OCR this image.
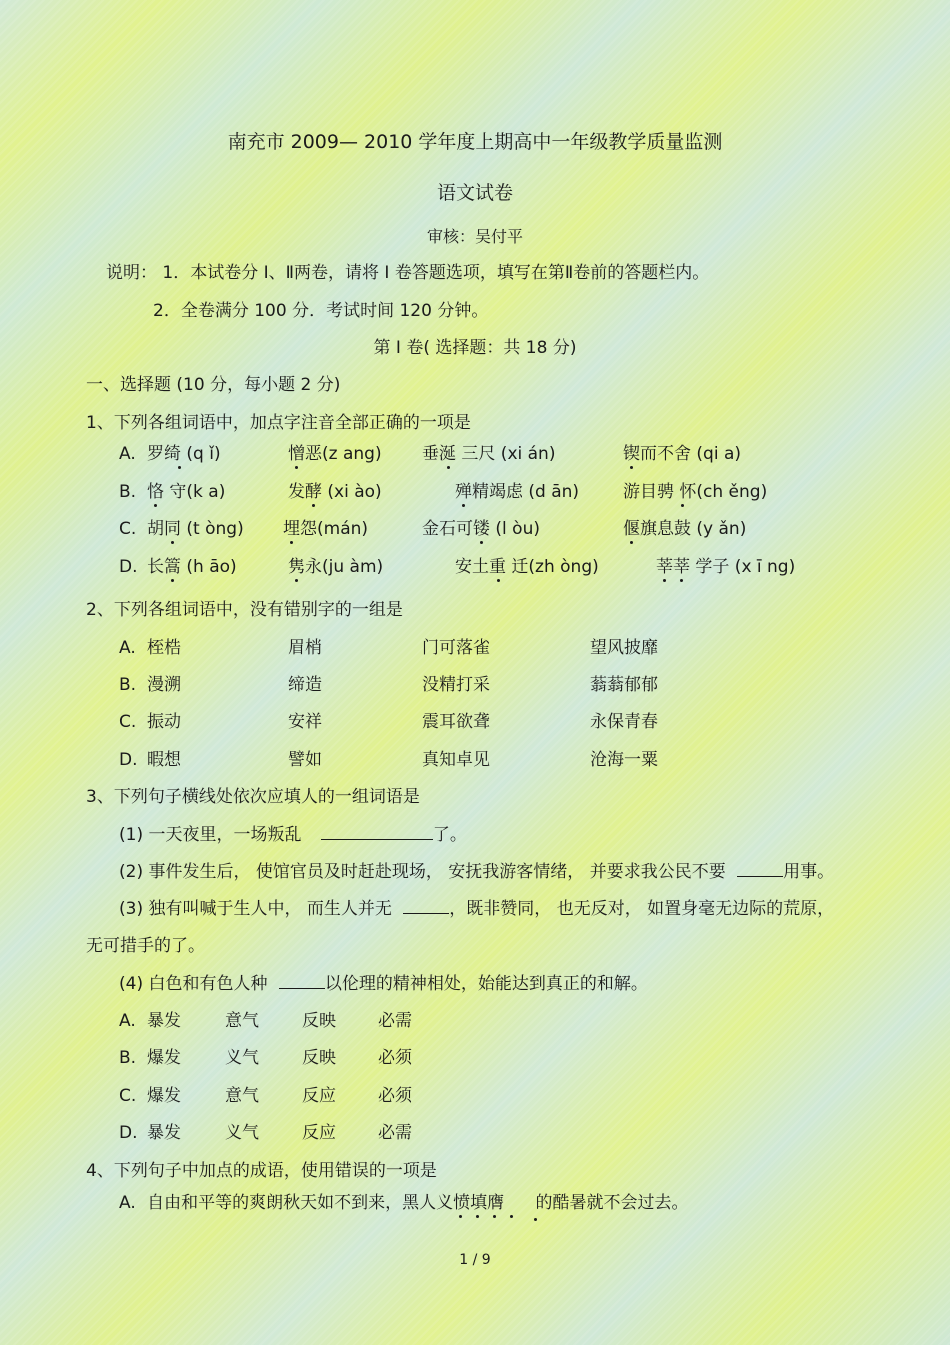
南充市 2009— 2010 学年度上期高中一年级教学质量监测
语文试卷
审核：吴付平
说明： 1．本试卷分 Ⅰ、Ⅱ两卷，请将 Ⅰ 卷答题选项，填写在第Ⅱ卷前的答题栏内。
2．全卷满分 100 分．考试时间 120 分钟。
第 Ⅰ 卷( 选择题：共 18 分)
一、选择题 (10 分，每小题 2 分)
1、下列各组词语中，加点字注音全部正确的一项是
A. 罗绮 (q ǐ)	憎恶(z ang) 垂涎 三尺 (xi án)	锲而不舍 (qi a)
B. 恪 守(k a)	发酵 (xi ào)	殚精竭虑 (d ān)	游目骋 怀(ch ěng)
C. 胡同 (t òng) 埋怨(mán)	金石可镂 (l òu)	偃旗息鼓 (y ǎn)
D. 长篙 (h āo)	隽永(ju àm)	安土重 迁(zh òng)	莘莘 学子 (x ī ng)
2、下列各组词语中，没有错别字的一组是
A. 桎梏	眉梢	门可落雀	望风披靡
B. 漫溯	缔造	没精打采	蓊蓊郁郁
C. 振动	安祥	震耳欲聋	永保青春
D. 暇想	譬如	真知卓见	沧海一粟
3、下列句子横线处依次应填人的一组词语是
(1) 一天夜里，一场叛乱	了。
(2) 事件发生后， 使馆官员及时赶赴现场， 安抚我游客情绪， 并要求我公民不要	用事。
(3) 独有叫喊于生人中， 而生人并无	，既非赞同， 也无反对， 如置身毫无边际的荒原，
无可措手的了。
(4) 白色和有色人种	以伦理的精神相处，始能达到真正的和解。
A. 暴发	意气	反映 必需
B. 爆发	义气	反映 必须
C. 爆发	意气	反应 必须
D. 暴发	义气	反应 必需
4、下列句子中加点的成语，使用错误的一项是
A. 自由和平等的爽朗秋天如不到来，黑人义愤填膺 的酷暑就不会过去。
1 / 9
